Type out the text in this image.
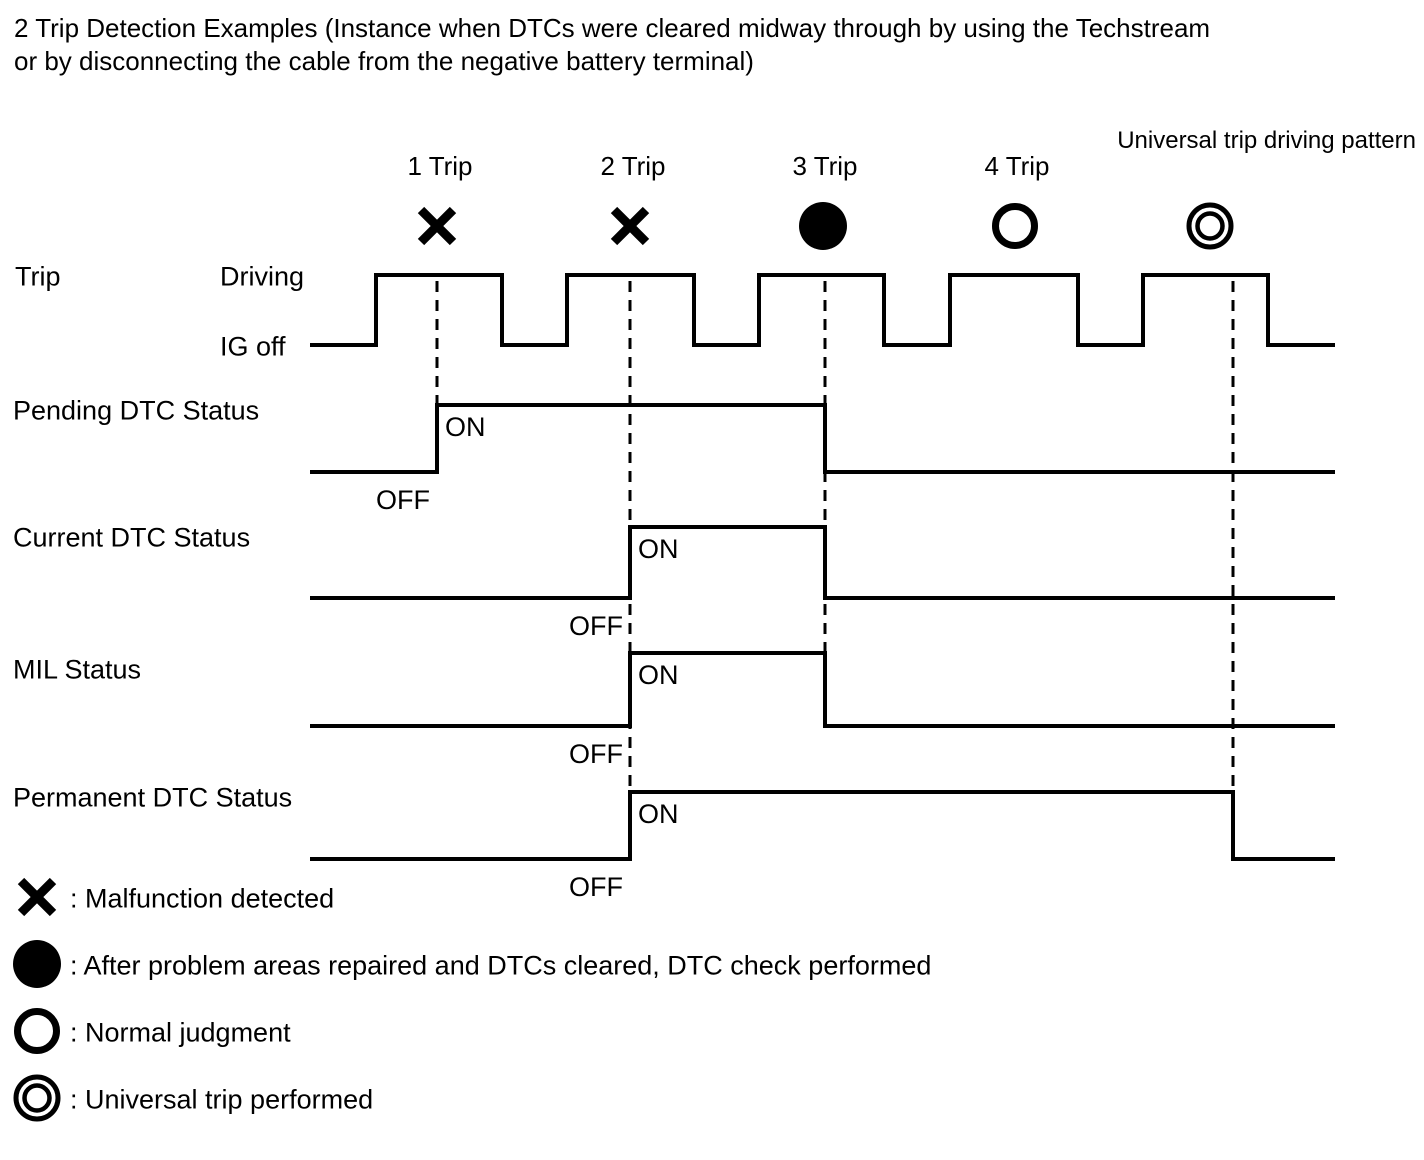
2 Trip Detection Examples (Instance when DTCs were cleared midway through by using the Techstream
or by disconnecting the cable from the negative battery terminal)
Trip	Driving
IG off
Pending DTC Status
ON
OFF
Current DTC Status	ON
OFF
MIL Status	ON
OFF
Permanent DTC Status
ON
OFF
1 Trip	2 Trip	3 Trip	4 Trip
Universal trip driving pattern
: Malfunction detected
: After problem areas repaired and DTCs cleared, DTC check performed
: Normal judgment
: Universal trip performed
